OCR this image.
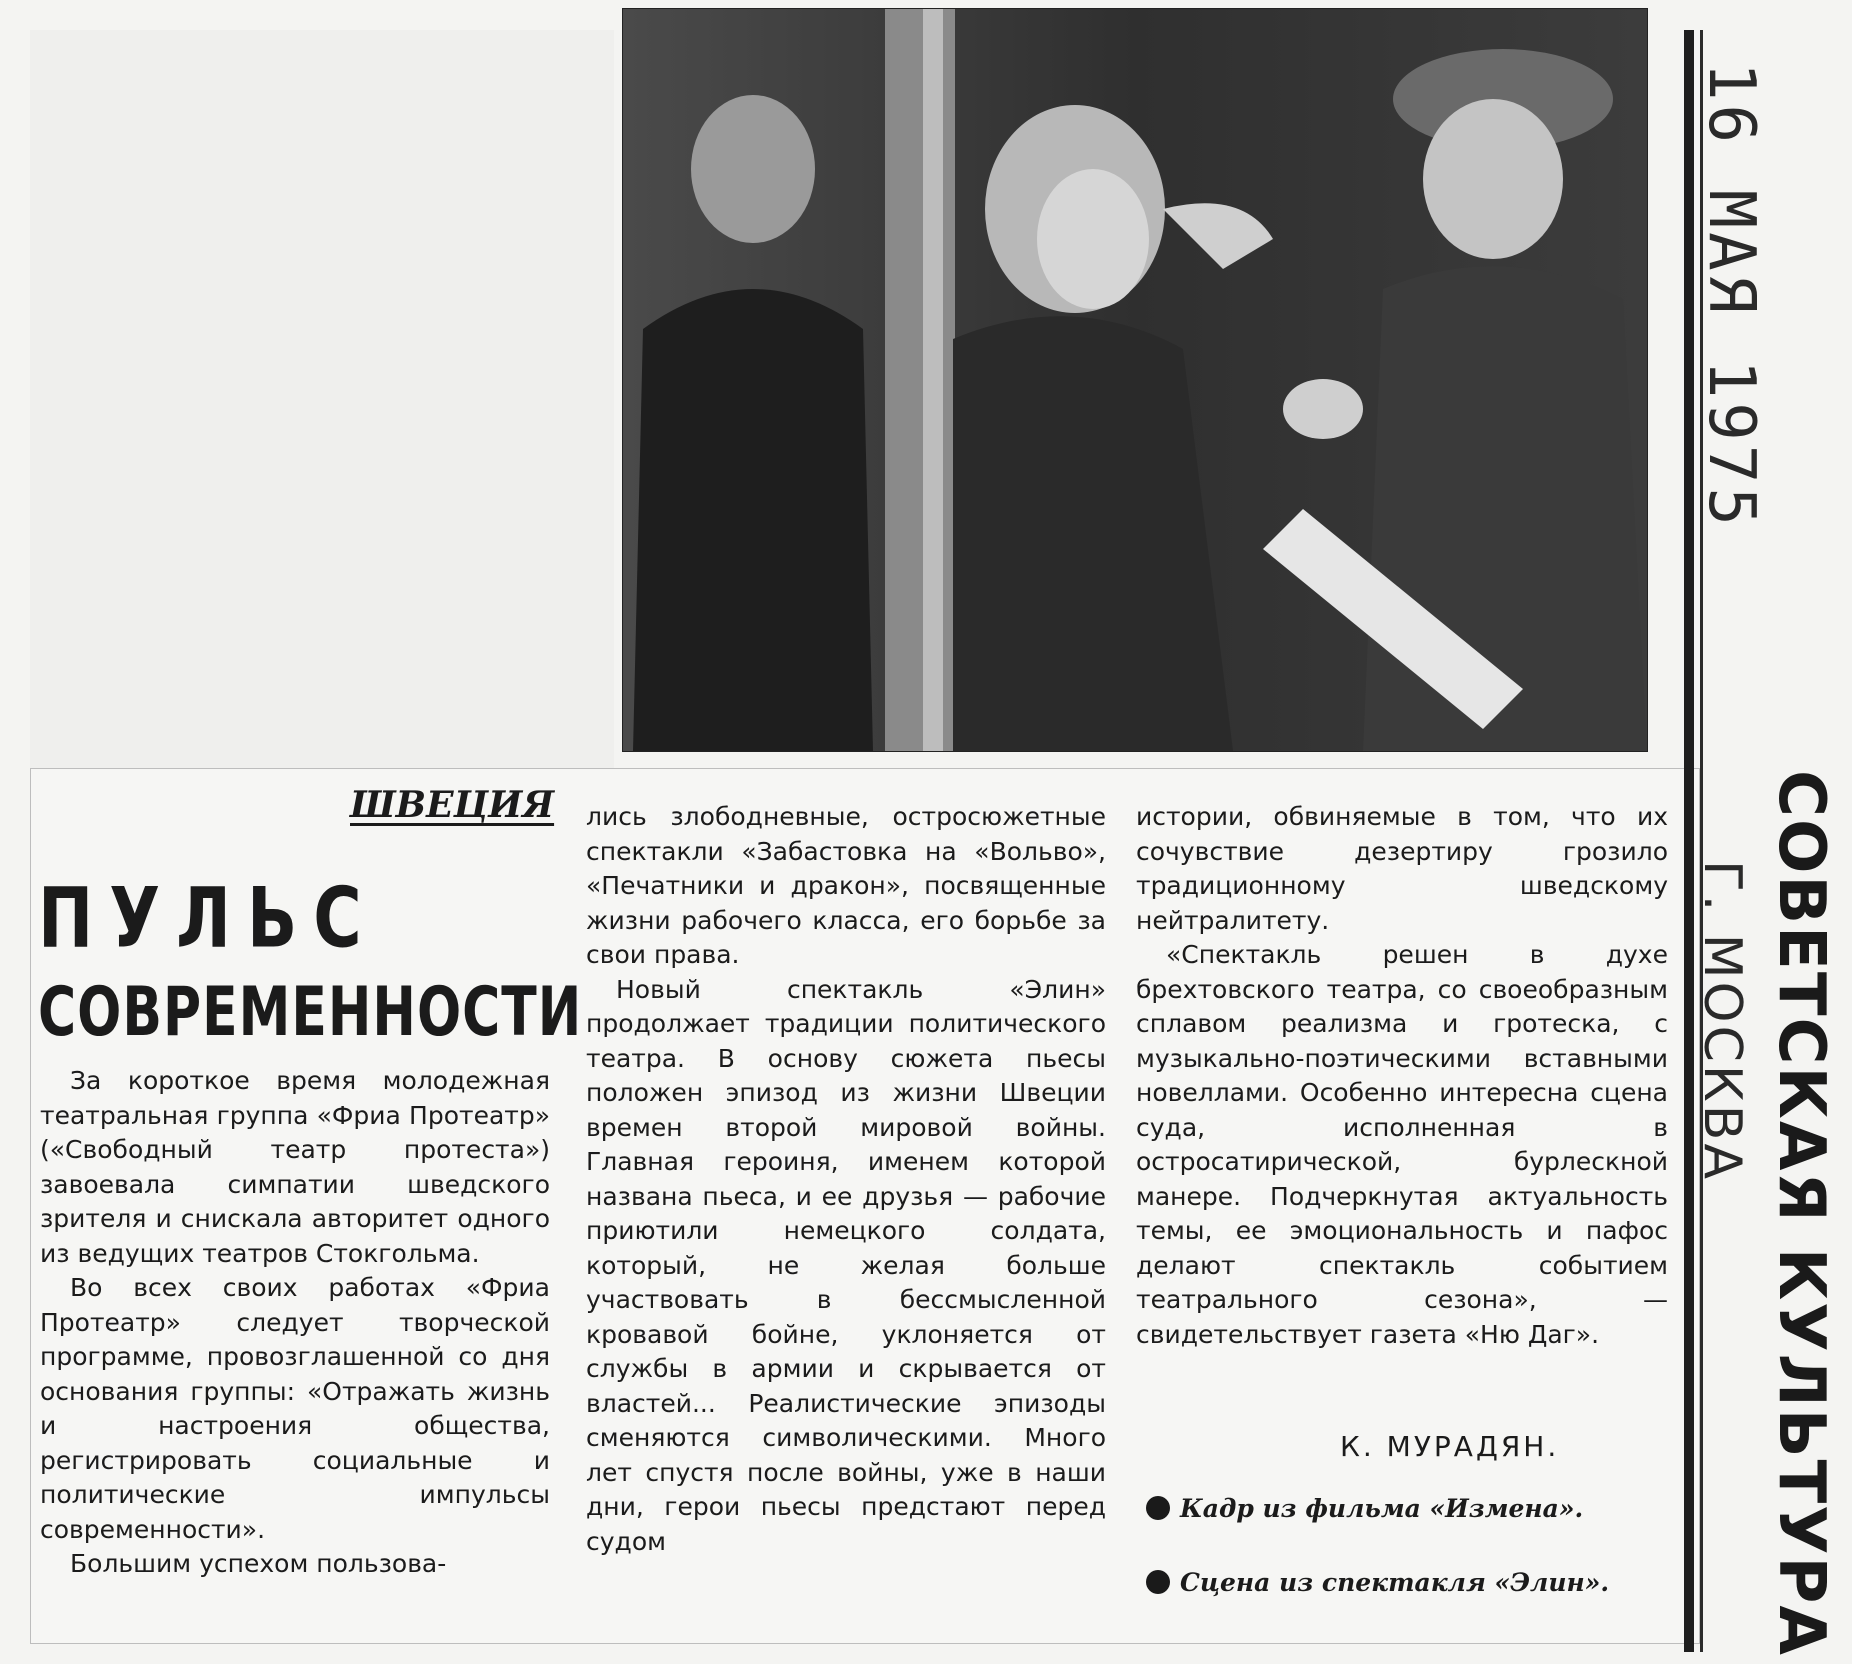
16 МАЯ 1975
СОВЕТСКАЯ КУЛЬТУРА
Г. МОСКВА
ШВЕЦИЯ
ПУЛЬС
СОВРЕМЕННОСТИ

За короткое время молодежная театральная группа «Фриа Протеатр» («Свободный театр протеста») завоевала симпатии шведского зрителя и снискала авторитет одного из ведущих театров Стокгольма.

Во всех своих работах «Фриа Протеатр» следует творческой программе, провозглашенной со дня основания группы: «Отражать жизнь и настроения общества, регистрировать социальные и политические импульсы современности».

Большим успехом пользова-

лись злободневные, остросюжетные спектакли «Забастовка на «Вольво», «Печатники и дракон», посвященные жизни рабочего класса, его борьбе за свои права.

Новый спектакль «Элин» продолжает традиции политического театра. В основу сюжета пьесы положен эпизод из жизни Швеции времен второй мировой войны. Главная героиня, именем которой названа пьеса, и ее друзья — рабочие приютили немецкого солдата, который, не желая больше участвовать в бессмысленной кровавой бойне, уклоняется от службы в армии и скрывается от властей... Реалистические эпизоды сменяются символическими. Много лет спустя после войны, уже в наши дни, герои пьесы предстают перед судом

истории, обвиняемые в том, что их сочувствие дезертиру грозило традиционному шведскому нейтралитету.

«Спектакль решен в духе брехтовского театра, со своеобразным сплавом реализма и гротеска, с музыкально-поэтическими вставными новеллами. Особенно интересна сцена суда, исполненная в остросатирической, бурлескной манере. Подчеркнутая актуальность темы, ее эмоциональность и пафос делают спектакль событием театрального сезона», — свидетельствует газета «Ню Даг».

К. МУРАДЯН.
Кадр из фильма «Измена».
Сцена из спектакля «Элин».
